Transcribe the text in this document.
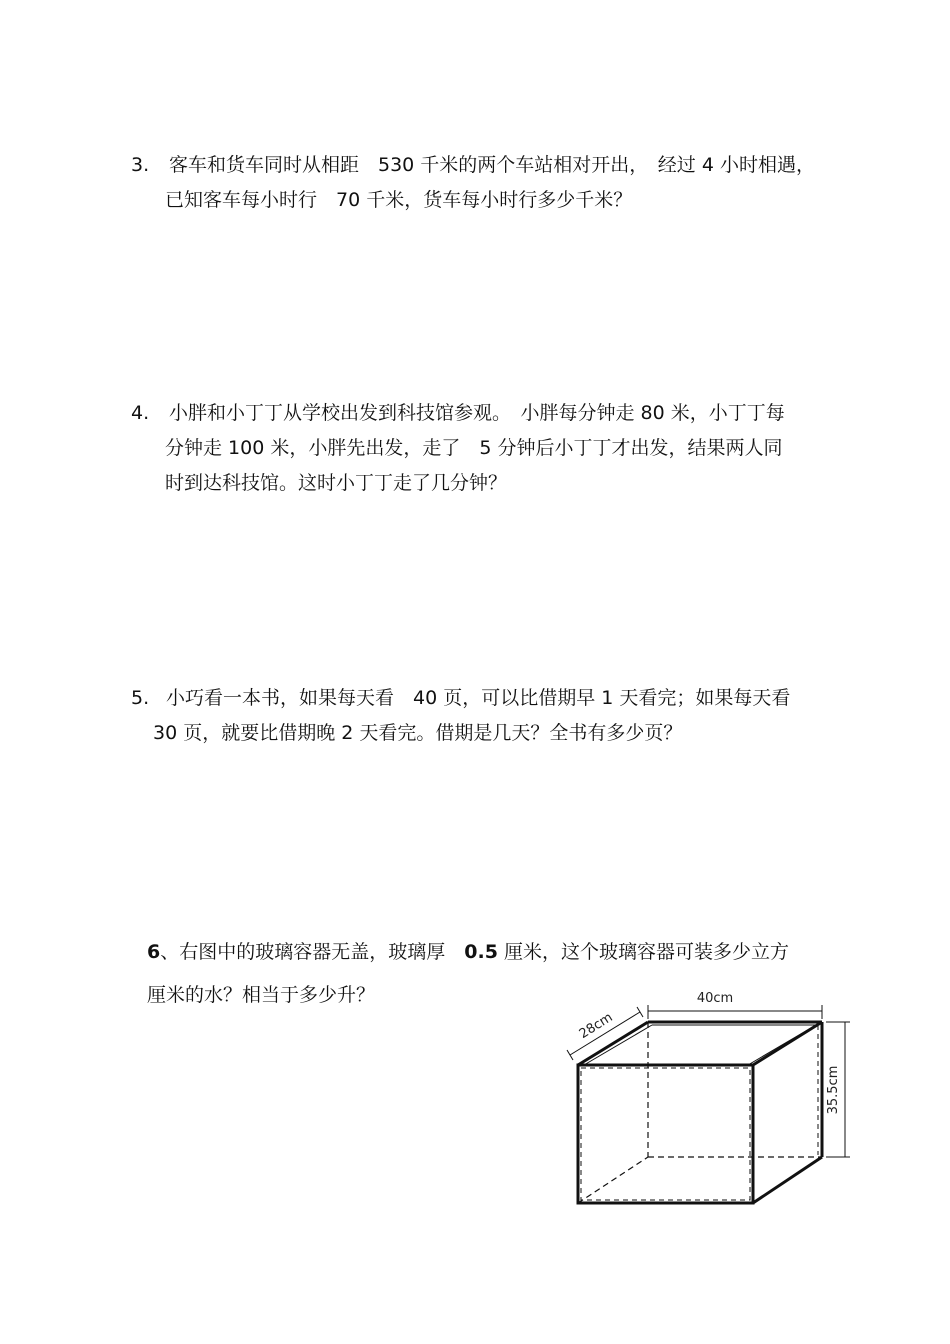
3. 客车和货车同时从相距　530 千米的两个车站相对开出，　经过 4 小时相遇，
已知客车每小时行　70 千米，货车每小时行多少千米？
4. 小胖和小丁丁从学校出发到科技馆参观。　小胖每分钟走 80 米，小丁丁每
分钟走 100 米，小胖先出发，走了　5 分钟后小丁丁才出发，结果两人同
时到达科技馆。这时小丁丁走了几分钟？
5. 小巧看一本书，如果每天看　40 页，可以比借期早 1 天看完；如果每天看
30 页，就要比借期晚 2 天看完。借期是几天？全书有多少页？
6、右图中的玻璃容器无盖，玻璃厚　0.5 厘米，这个玻璃容器可装多少立方
厘米的水？相当于多少升？	40cm
28cm
35.5cm
